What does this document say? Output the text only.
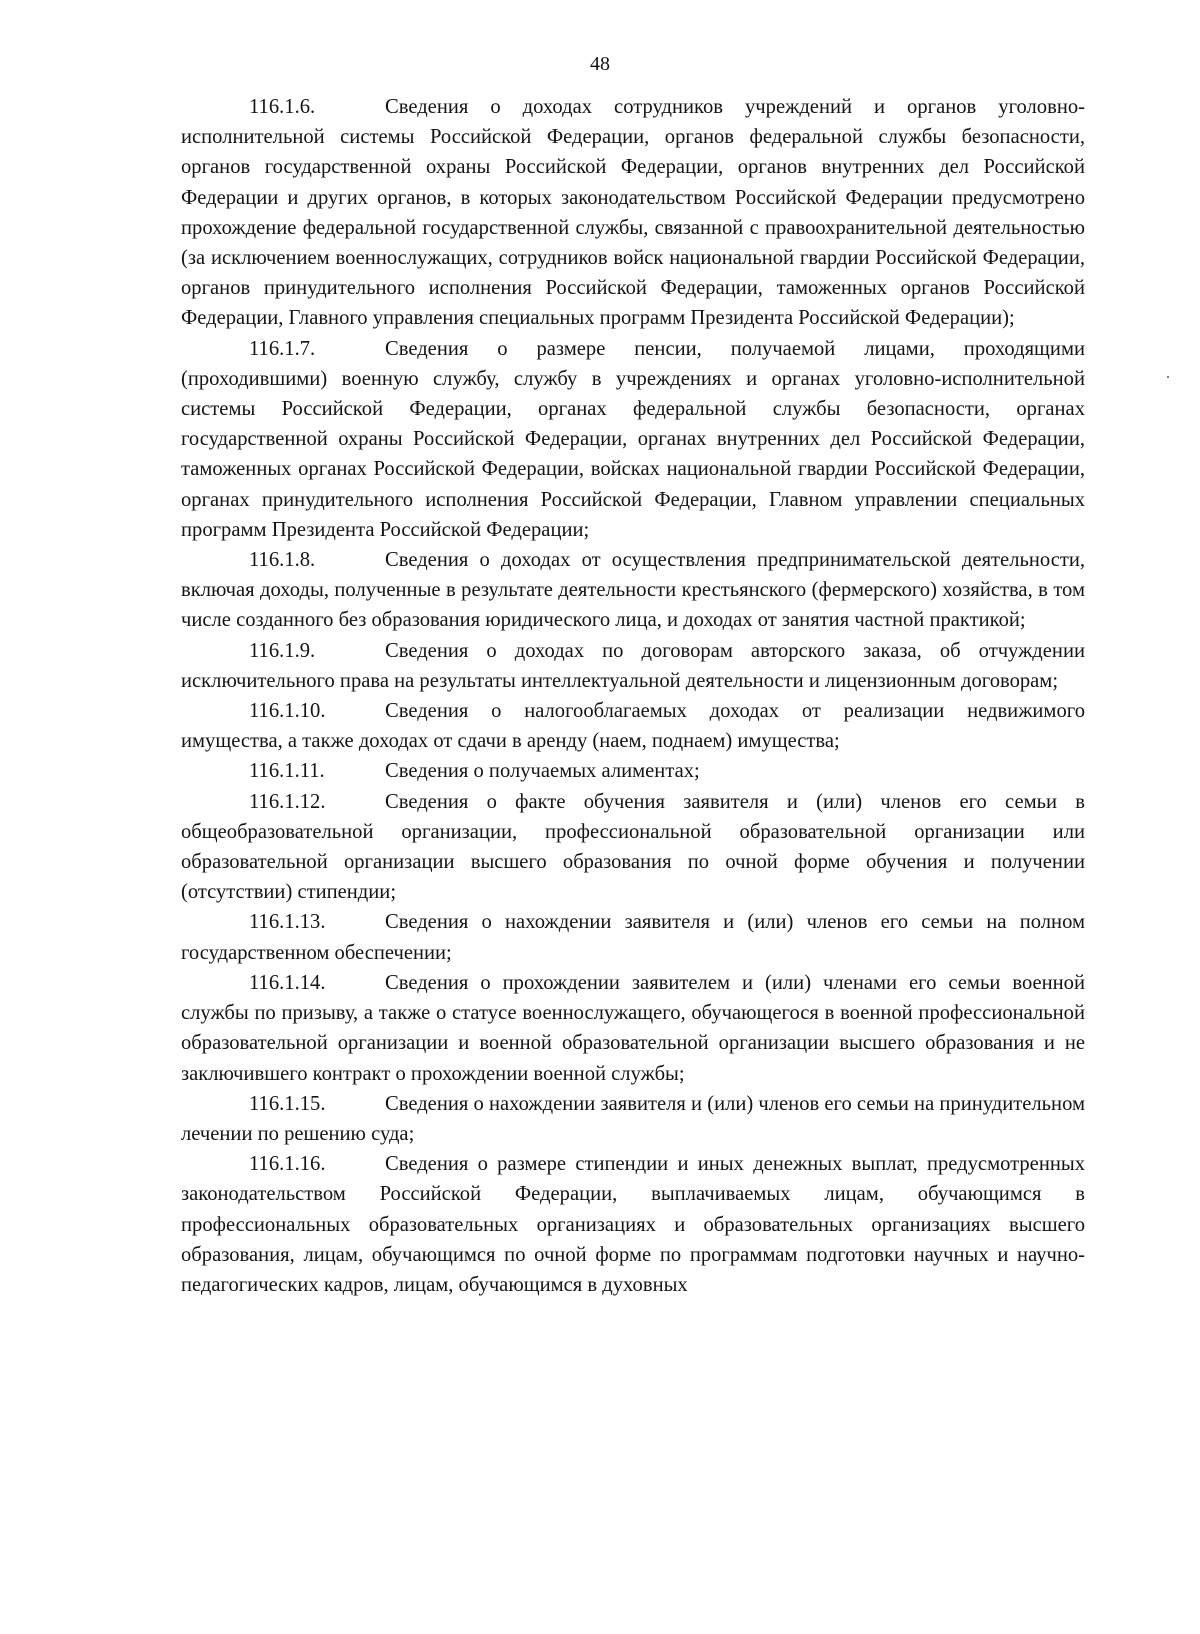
48

116.1.6.	Сведения о доходах сотрудников учреждений и органов уголовно-исполнительной системы Российской Федерации, органов федеральной службы безопасности, органов государственной охраны Российской Федерации, органов внутренних дел Российской Федерации и других органов, в которых законодательством Российской Федерации предусмотрено прохождение федеральной государственной службы, связанной с правоохранительной деятельностью (за исключением военнослужащих, сотрудников войск национальной гвардии Российской Федерации, органов принудительного исполнения Российской Федерации, таможенных органов Российской Федерации, Главного управления специальных программ Президента Российской Федерации);

116.1.7.	Сведения о размере пенсии, получаемой лицами, проходящими (проходившими) военную службу, службу в учреждениях и органах уголовно-исполнительной системы Российской Федерации, органах федеральной службы безопасности, органах государственной охраны Российской Федерации, органах внутренних дел Российской Федерации, таможенных органах Российской Федерации, войсках национальной гвардии Российской Федерации, органах принудительного исполнения Российской Федерации, Главном управлении специальных программ Президента Российской Федерации;

116.1.8.	Сведения о доходах от осуществления предпринимательской деятельности, включая доходы, полученные в результате деятельности крестьянского (фермерского) хозяйства, в том числе созданного без образования юридического лица, и доходах от занятия частной практикой;

116.1.9.	Сведения о доходах по договорам авторского заказа, об отчуждении исключительного права на результаты интеллектуальной деятельности и лицензионным договорам;

116.1.10.	Сведения о налогооблагаемых доходах от реализации недвижимого имущества, а также доходах от сдачи в аренду (наем, поднаем) имущества;

116.1.11.	Сведения о получаемых алиментах;

116.1.12.	Сведения о факте обучения заявителя и (или) членов его семьи в общеобразовательной организации, профессиональной образовательной организации или образовательной организации высшего образования по очной форме обучения и получении (отсутствии) стипендии;

116.1.13.	Сведения о нахождении заявителя и (или) членов его семьи на полном государственном обеспечении;

116.1.14.	Сведения о прохождении заявителем и (или) членами его семьи военной службы по призыву, а также о статусе военнослужащего, обучающегося в военной профессиональной образовательной организации и военной образовательной организации высшего образования и не заключившего контракт о прохождении военной службы;

116.1.15.	Сведения о нахождении заявителя и (или) членов его семьи на принудительном лечении по решению суда;

116.1.16.	Сведения о размере стипендии и иных денежных выплат, предусмотренных законодательством Российской Федерации, выплачиваемых лицам, обучающимся в профессиональных образовательных организациях и образовательных организациях высшего образования, лицам, обучающимся по очной форме по программам подготовки научных и научно-педагогических кадров, лицам, обучающимся в духовных
